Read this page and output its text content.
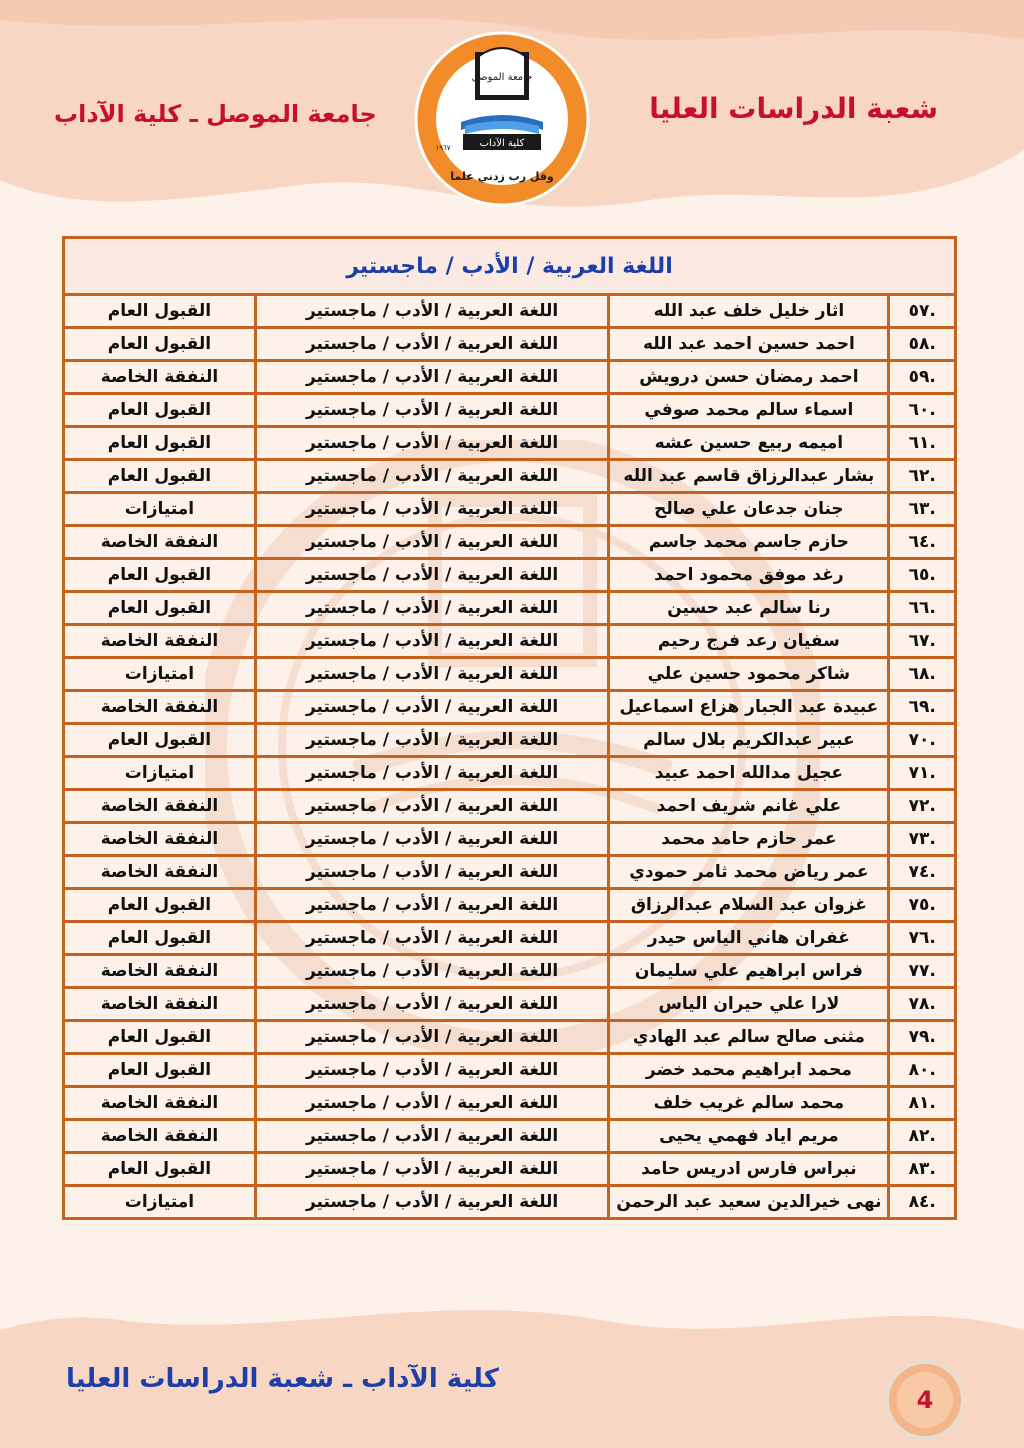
شعبة الدراسات العليا
جامعة الموصل ـ كلية الآداب
جامعة الموصل
كلية الآداب
وقل رب زدني علما
١٩٦٧
اللغة العربية / الأدب / ماجستير			
.٥٧	اثار خليل خلف عبد الله	اللغة العربية / الأدب / ماجستير	القبول العام
.٥٨	احمد حسين احمد عبد الله	اللغة العربية / الأدب / ماجستير	القبول العام
.٥٩	احمد رمضان حسن درويش	اللغة العربية / الأدب / ماجستير	النفقة الخاصة
.٦٠	اسماء سالم محمد صوفي	اللغة العربية / الأدب / ماجستير	القبول العام
.٦١	اميمه ربيع حسين عشه	اللغة العربية / الأدب / ماجستير	القبول العام
.٦٢	بشار عبدالرزاق قاسم عبد الله	اللغة العربية / الأدب / ماجستير	القبول العام
.٦٣	جنان جدعان علي صالح	اللغة العربية / الأدب / ماجستير	امتيازات
.٦٤	حازم جاسم محمد جاسم	اللغة العربية / الأدب / ماجستير	النفقة الخاصة
.٦٥	رغد موفق محمود احمد	اللغة العربية / الأدب / ماجستير	القبول العام
.٦٦	رنا سالم عبد حسين	اللغة العربية / الأدب / ماجستير	القبول العام
.٦٧	سفيان رعد فرج رحيم	اللغة العربية / الأدب / ماجستير	النفقة الخاصة
.٦٨	شاكر محمود حسين علي	اللغة العربية / الأدب / ماجستير	امتيازات
.٦٩	عبيدة عبد الجبار هزاع اسماعيل	اللغة العربية / الأدب / ماجستير	النفقة الخاصة
.٧٠	عبير عبدالكريم بلال سالم	اللغة العربية / الأدب / ماجستير	القبول العام
.٧١	عجيل مدالله احمد عبيد	اللغة العربية / الأدب / ماجستير	امتيازات
.٧٢	علي غانم شريف احمد	اللغة العربية / الأدب / ماجستير	النفقة الخاصة
.٧٣	عمر حازم حامد محمد	اللغة العربية / الأدب / ماجستير	النفقة الخاصة
.٧٤	عمر رياض محمد ثامر حمودي	اللغة العربية / الأدب / ماجستير	النفقة الخاصة
.٧٥	غزوان عبد السلام عبدالرزاق	اللغة العربية / الأدب / ماجستير	القبول العام
.٧٦	غفران هاني الياس حيدر	اللغة العربية / الأدب / ماجستير	القبول العام
.٧٧	فراس ابراهيم علي سليمان	اللغة العربية / الأدب / ماجستير	النفقة الخاصة
.٧٨	لارا علي حيران الياس	اللغة العربية / الأدب / ماجستير	النفقة الخاصة
.٧٩	مثنى صالح سالم عبد الهادي	اللغة العربية / الأدب / ماجستير	القبول العام
.٨٠	محمد ابراهيم محمد خضر	اللغة العربية / الأدب / ماجستير	القبول العام
.٨١	محمد سالم غريب خلف	اللغة العربية / الأدب / ماجستير	النفقة الخاصة
.٨٢	مريم اياد فهمي يحيى	اللغة العربية / الأدب / ماجستير	النفقة الخاصة
.٨٣	نبراس فارس ادريس حامد	اللغة العربية / الأدب / ماجستير	القبول العام
.٨٤	نهى خيرالدين سعيد عبد الرحمن	اللغة العربية / الأدب / ماجستير	امتيازات
كلية الآداب ـ شعبة الدراسات العليا
4
